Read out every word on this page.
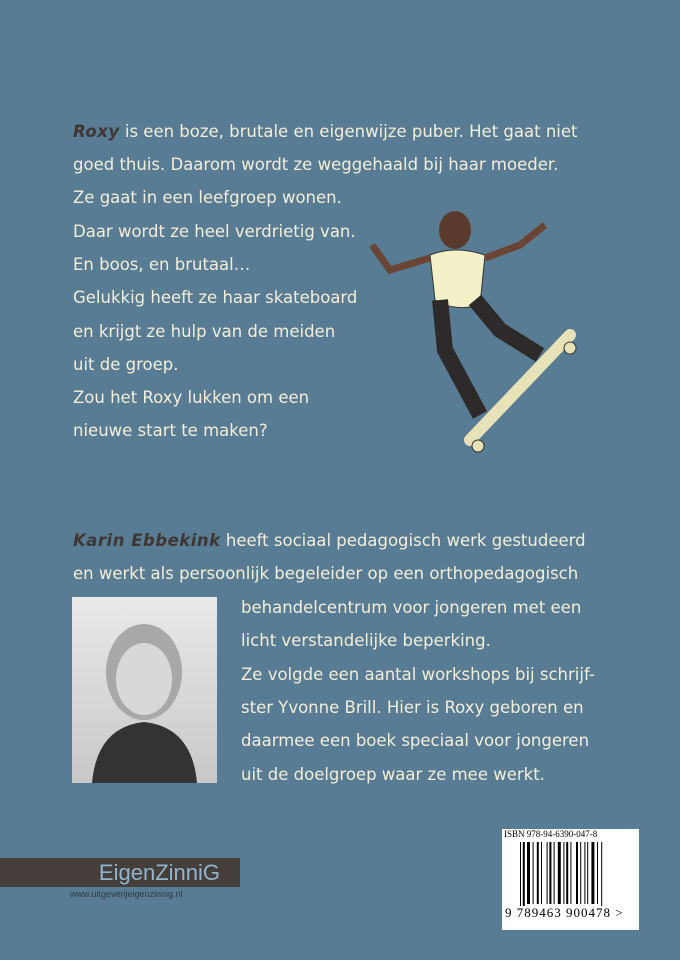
Roxy is een boze, brutale en eigenwijze puber. Het gaat niet
Karin Ebbekink heeft sociaal pedagogisch werk gestudeerd
en werkt als persoonlijk begeleider op een orthopedagogisch
EigenZinniG
www.uitgeverijeigenzinnig.nl
ISBN 978-94-6390-047-8
9 789463 900478 >
goed thuis. Daarom wordt ze weggehaald bij haar moeder.
Ze gaat in een leefgroep wonen.
Daar wordt ze heel verdrietig van.
En boos, en brutaal…
Gelukkig heeft ze haar skateboard
en krijgt ze hulp van de meiden
uit de groep.
Zou het Roxy lukken om een
nieuwe start te maken?
behandelcentrum voor jongeren met een
licht verstandelijke beperking.
Ze volgde een aantal workshops bij schrijf-
ster Yvonne Brill. Hier is Roxy geboren en
daarmee een boek speciaal voor jongeren
uit de doelgroep waar ze mee werkt.
